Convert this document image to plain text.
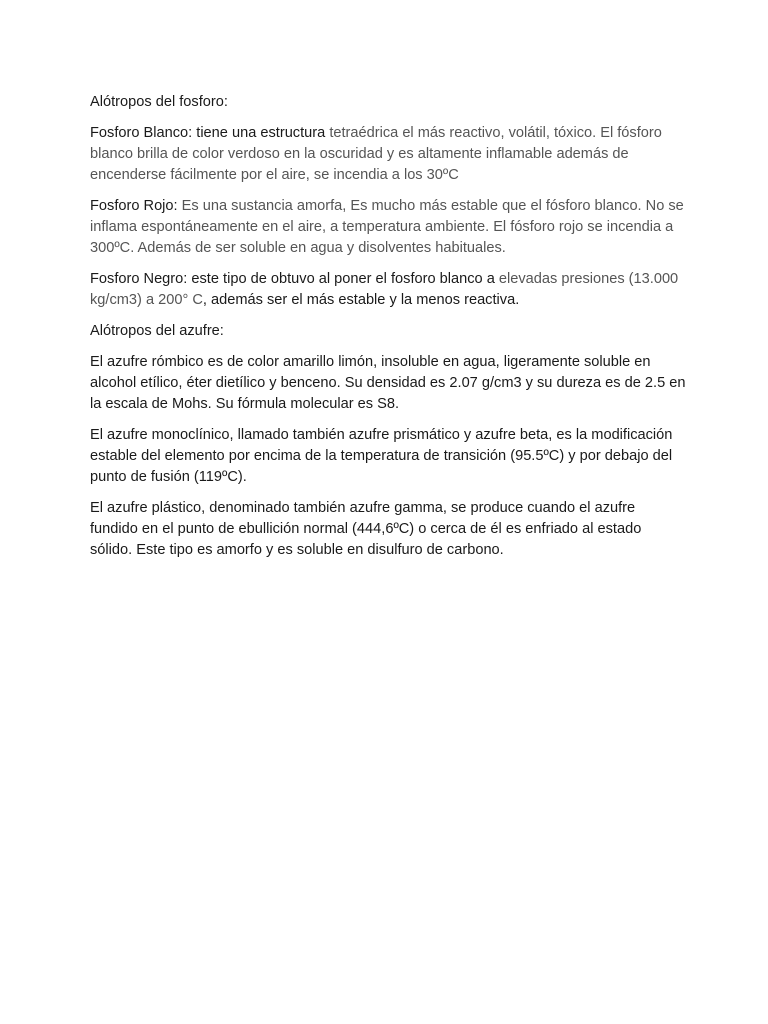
Alótropos del fosforo:

Fosforo Blanco: tiene una estructura tetraédrica el más reactivo, volátil, tóxico. El fósforo blanco brilla de color verdoso en la oscuridad y es altamente inflamable además de encenderse fácilmente por el aire, se incendia a los 30ºC

Fosforo Rojo: Es una sustancia amorfa, Es mucho más estable que el fósforo blanco. No se inflama espontáneamente en el aire, a temperatura ambiente. El fósforo rojo se incendia a 300ºC. Además de ser soluble en agua y disolventes habituales.

Fosforo Negro: este tipo de obtuvo al poner el fosforo blanco a elevadas presiones (13.000 kg/cm3) a 200° C, además ser el más estable y la menos reactiva.

Alótropos del azufre:

El azufre rómbico es de color amarillo limón, insoluble en agua, ligeramente soluble en alcohol etílico, éter dietílico y benceno. Su densidad es 2.07 g/cm3 y su dureza es de 2.5 en la escala de Mohs. Su fórmula molecular es S8.

El azufre monoclínico, llamado también azufre prismático y azufre beta, es la modificación estable del elemento por encima de la temperatura de transición (95.5ºC) y por debajo del punto de fusión (119ºC).

El azufre plástico, denominado también azufre gamma, se produce cuando el azufre fundido en el punto de ebullición normal (444,6ºC) o cerca de él es enfriado al estado sólido. Este tipo es amorfo y es soluble en disulfuro de carbono.
